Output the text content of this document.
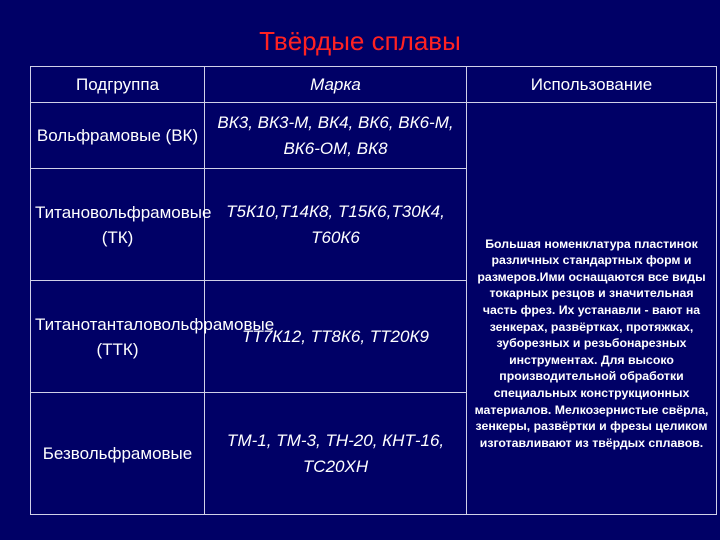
Твёрдые сплавы
Подгруппа	Марка	Использование
Вольфрамовые (ВК)	ВК3, ВК3-М, ВК4, ВК6, ВК6-М, ВК6-ОМ, ВК8	Большая номенклатура пластинок различных стандартных форм и размеров.Ими оснащаются все виды токарных резцов и значительная часть фрез. Их устанавли - вают на зенкерах, развёртках, протяжках, зуборезных и резьбонарезных инструментах. Для высоко производительной обработки специальных конструкционных материалов. Мелкозернистые свёрла, зенкеры, развёртки и фрезы целиком изготавливают из твёрдых сплавов.

Титановольфрамовые (ТК)	Т5К10,Т14К8, Т15К6,Т30К4, Т60К6	
Титанотанталовольфрамовые (ТТК)	ТТ7К12, ТТ8К6, ТТ20К9	
Безвольфрамовые	ТМ-1, ТМ-3, ТН-20, КНТ-16, ТС20ХН	
